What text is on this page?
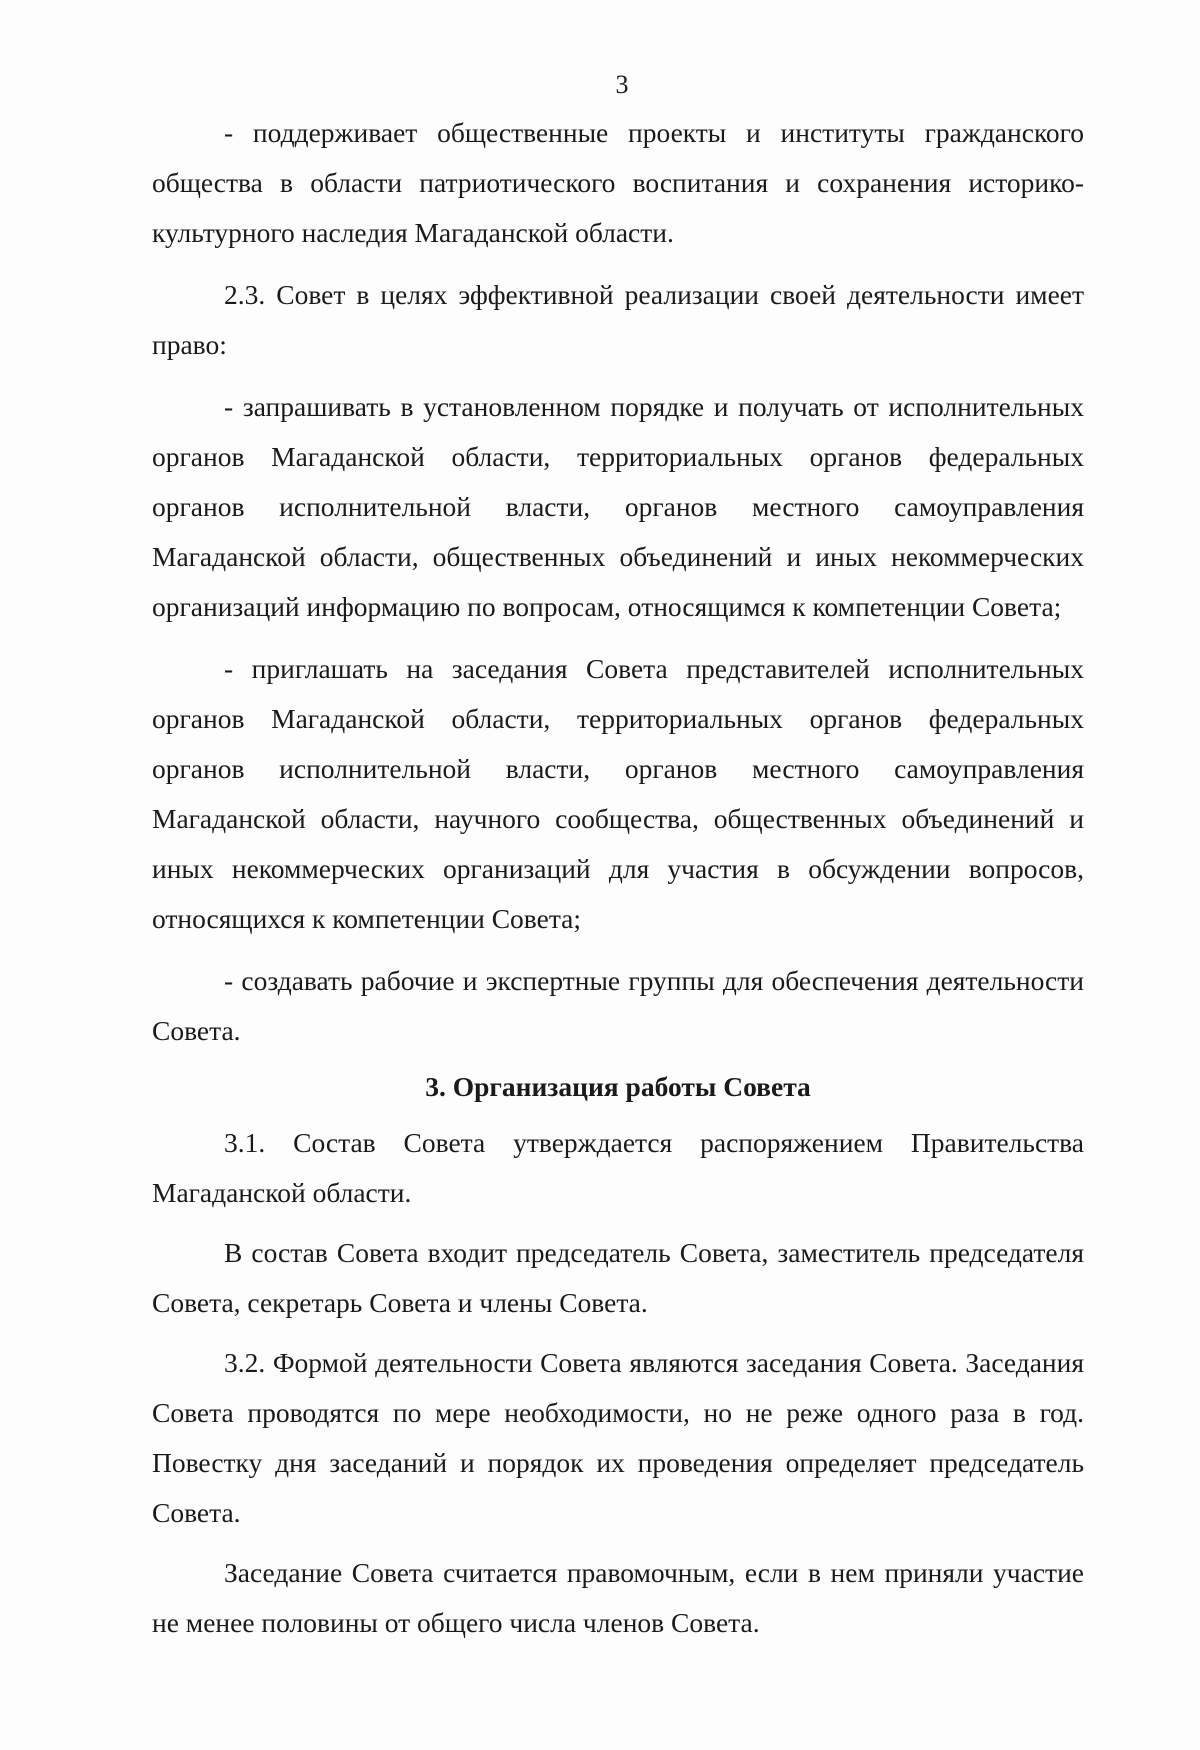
3

- поддерживает общественные проекты и институты гражданского общества в области патриотического воспитания и сохранения историко-культурного наследия Магаданской области.

2.3. Совет в целях эффективной реализации своей деятельности имеет право:

- запрашивать в установленном порядке и получать от исполнительных органов Магаданской области, территориальных органов федеральных органов исполнительной власти, органов местного самоуправления Магаданской области, общественных объединений и иных некоммерческих организаций информацию по вопросам, относящимся к компетенции Совета;

- приглашать на заседания Совета представителей исполнительных органов Магаданской области, территориальных органов федеральных органов исполнительной власти, органов местного самоуправления Магаданской области, научного сообщества, общественных объединений и иных некоммерческих организаций для участия в обсуждении вопросов, относящихся к компетенции Совета;

- создавать рабочие и экспертные группы для обеспечения деятельности Совета.

3. Организация работы Совета

3.1. Состав Совета утверждается распоряжением Правительства Магаданской области.

В состав Совета входит председатель Совета, заместитель председателя Совета, секретарь Совета и члены Совета.

3.2. Формой деятельности Совета являются заседания Совета. Заседания Совета проводятся по мере необходимости, но не реже одного раза в год. Повестку дня заседаний и порядок их проведения определяет председатель Совета.

Заседание Совета считается правомочным, если в нем приняли участие не менее половины от общего числа членов Совета.
